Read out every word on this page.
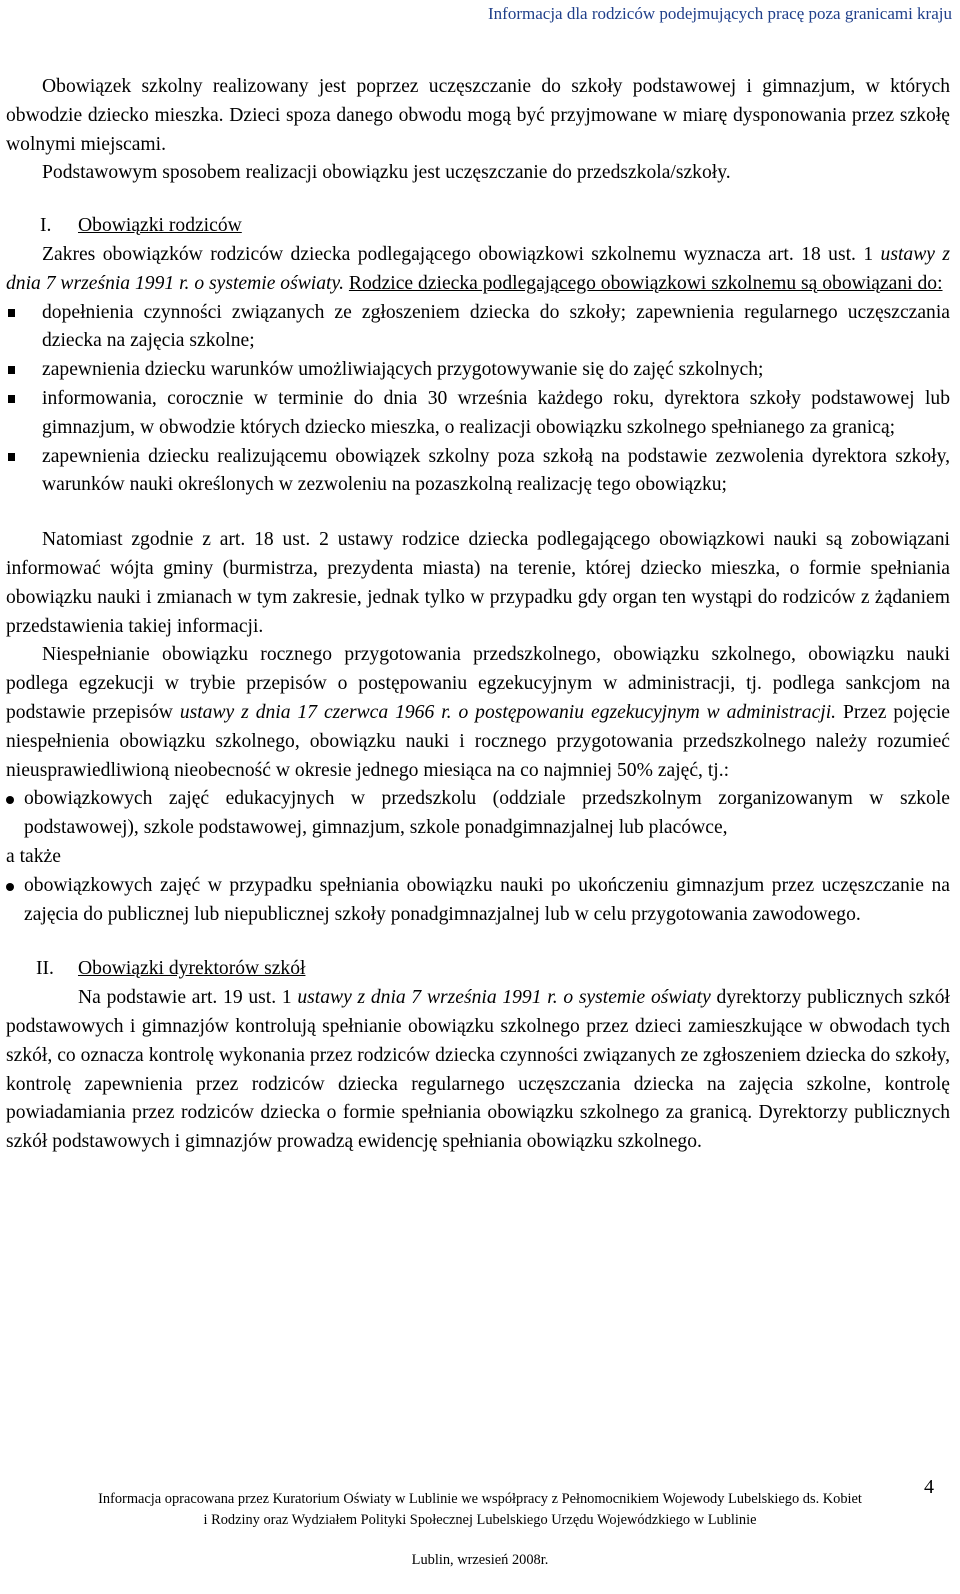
Informacja dla rodziców podejmujących pracę poza granicami kraju

Obowiązek szkolny realizowany jest poprzez uczęszczanie do szkoły podstawowej i gimnazjum, w których obwodzie dziecko mieszka. Dzieci spoza danego obwodu mogą być przyjmowane w miarę dysponowania przez szkołę wolnymi miejscami.

Podstawowym sposobem realizacji obowiązku jest uczęszczanie do przedszkola/szkoły.

I.	Obowiązki rodziców

Zakres obowiązków rodziców dziecka podlegającego obowiązkowi szkolnemu wyznacza art. 18 ust. 1 ustawy z dnia 7 września 1991 r. o systemie oświaty. Rodzice dziecka podlegającego obowiązkowi szkolnemu są obowiązani do:

dopełnienia czynności związanych ze zgłoszeniem dziecka do szkoły; zapewnienia regularnego uczęszczania dziecka na zajęcia szkolne;
zapewnienia dziecku warunków umożliwiających przygotowywanie się do zajęć szkolnych;
informowania, corocznie w terminie do dnia 30 września każdego roku, dyrektora szkoły podstawowej lub gimnazjum, w obwodzie których dziecko mieszka, o realizacji obowiązku szkolnego spełnianego za granicą;
zapewnienia dziecku realizującemu obowiązek szkolny poza szkołą na podstawie zezwolenia dyrektora szkoły, warunków nauki określonych w zezwoleniu na pozaszkolną realizację tego obowiązku;

Natomiast zgodnie z art. 18 ust. 2 ustawy rodzice dziecka podlegającego obowiązkowi nauki są zobowiązani informować wójta gminy (burmistrza, prezydenta miasta) na terenie, której dziecko mieszka, o formie spełniania obowiązku nauki i zmianach w tym zakresie, jednak tylko w przypadku gdy organ ten wystąpi do rodziców z żądaniem przedstawienia takiej informacji.

Niespełnianie obowiązku rocznego przygotowania przedszkolnego, obowiązku szkolnego, obowiązku nauki podlega egzekucji w trybie przepisów o postępowaniu egzekucyjnym w administracji, tj. podlega sankcjom na podstawie przepisów ustawy z dnia 17 czerwca 1966 r. o postępowaniu egzekucyjnym w administracji. Przez pojęcie niespełnienia obowiązku szkolnego, obowiązku nauki i rocznego przygotowania przedszkolnego należy rozumieć nieusprawiedliwioną nieobecność w okresie jednego miesiąca na co najmniej 50% zajęć, tj.:

obowiązkowych zajęć edukacyjnych w przedszkolu (oddziale przedszkolnym zorganizowanym w szkole podstawowej), szkole podstawowej, gimnazjum, szkole ponadgimnazjalnej lub placówce,

a także

obowiązkowych zajęć w przypadku spełniania obowiązku nauki po ukończeniu gimnazjum przez uczęszczanie na zajęcia do publicznej lub niepublicznej szkoły ponadgimnazjalnej lub w celu przygotowania zawodowego.
II.	Obowiązki dyrektorów szkół

Na podstawie art. 19 ust. 1 ustawy z dnia 7 września 1991 r. o systemie oświaty dyrektorzy publicznych szkół podstawowych i gimnazjów kontrolują spełnianie obowiązku szkolnego przez dzieci zamieszkujące w obwodach tych szkół, co oznacza kontrolę wykonania przez rodziców dziecka czynności związanych ze zgłoszeniem dziecka do szkoły, kontrolę zapewnienia przez rodziców dziecka regularnego uczęszczania dziecka na zajęcia szkolne, kontrolę powiadamiania przez rodziców dziecka o formie spełniania obowiązku szkolnego za granicą. Dyrektorzy publicznych szkół podstawowych i gimnazjów prowadzą ewidencję spełniania obowiązku szkolnego.

4
Informacja opracowana przez Kuratorium Oświaty w Lublinie we współpracy z Pełnomocnikiem Wojewody Lubelskiego ds. Kobiet
i Rodziny oraz Wydziałem Polityki Społecznej Lubelskiego Urzędu Wojewódzkiego w Lublinie
Lublin, wrzesień 2008r.
